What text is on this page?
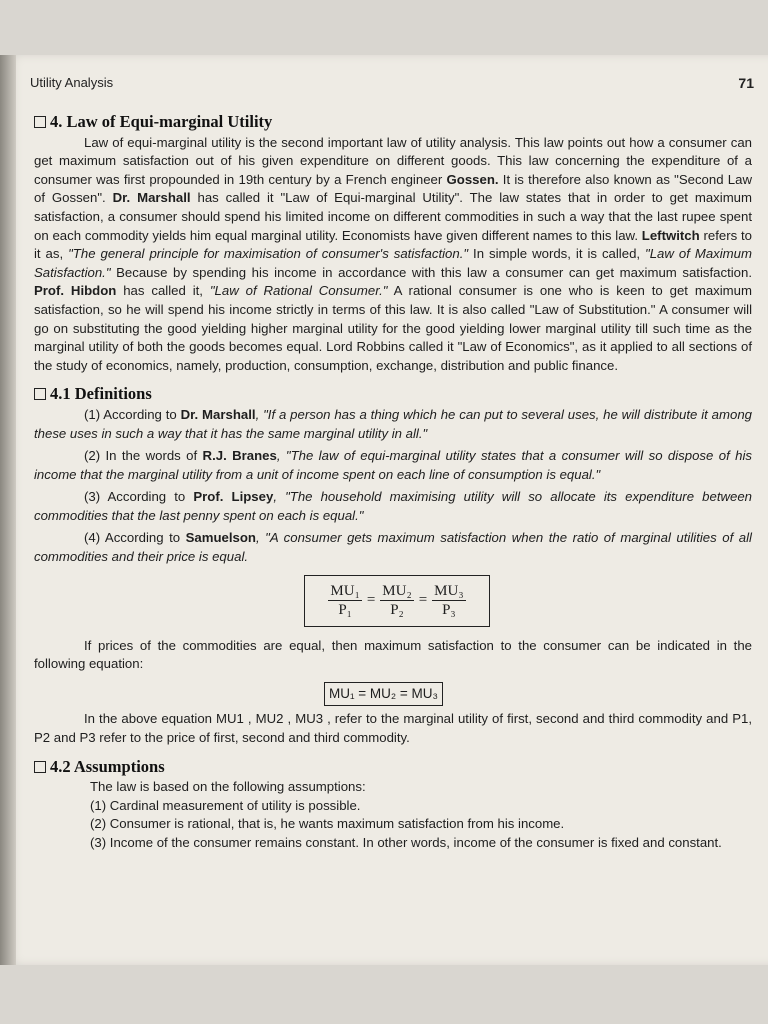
Utility Analysis	71
4. Law of Equi-marginal Utility

Law of equi-marginal utility is the second important law of utility analysis. This law points out how a consumer can get maximum satisfaction out of his given expenditure on different goods. This law concerning the expenditure of a consumer was first propounded in 19th century by a French engineer Gossen. It is therefore also known as "Second Law of Gossen". Dr. Marshall has called it "Law of Equi-marginal Utility". The law states that in order to get maximum satisfaction, a consumer should spend his limited income on different commodities in such a way that the last rupee spent on each commodity yields him equal marginal utility. Economists have given different names to this law. Leftwitch refers to it as, "The general principle for maximisation of consumer's satisfaction." In simple words, it is called, "Law of Maximum Satisfaction." Because by spending his income in accordance with this law a consumer can get maximum satisfaction. Prof. Hibdon has called it, "Law of Rational Consumer." A rational consumer is one who is keen to get maximum satisfaction, so he will spend his income strictly in terms of this law. It is also called "Law of Substitution." A consumer will go on substituting the good yielding higher marginal utility for the good yielding lower marginal utility till such time as the marginal utility of both the goods becomes equal. Lord Robbins called it "Law of Economics", as it applied to all sections of the study of economics, namely, production, consumption, exchange, distribution and public finance.

4.1 Definitions

(1) According to Dr. Marshall, "If a person has a thing which he can put to several uses, he will distribute it among these uses in such a way that it has the same marginal utility in all."

(2) In the words of R.J. Branes, "The law of equi-marginal utility states that a consumer will so dispose of his income that the marginal utility from a unit of income spent on each line of consumption is equal."

(3) According to Prof. Lipsey, "The household maximising utility will so allocate its expenditure between commodities that the last penny spent on each is equal."

(4) According to Samuelson, "A consumer gets maximum satisfaction when the ratio of marginal utilities of all commodities and their price is equal.

$\frac{\text{MU₁}}{\text{P₁}} = \frac{\text{MU₂}}{\text{P₂}} = \frac{\text{MU₃}}{\text{P₃}}$

If prices of the commodities are equal, then maximum satisfaction to the consumer can be indicated in the following equation:

MU₁ = MU₂ = MU₃

In the above equation MU1 , MU2 , MU3 , refer to the marginal utility of first, second and third commodity and P1, P2 and P3 refer to the price of first, second and third commodity.

4.2 Assumptions

The law is based on the following assumptions:

(1) Cardinal measurement of utility is possible.

(2) Consumer is rational, that is, he wants maximum satisfaction from his income.

(3) Income of the consumer remains constant. In other words, income of the consumer is fixed and constant.
